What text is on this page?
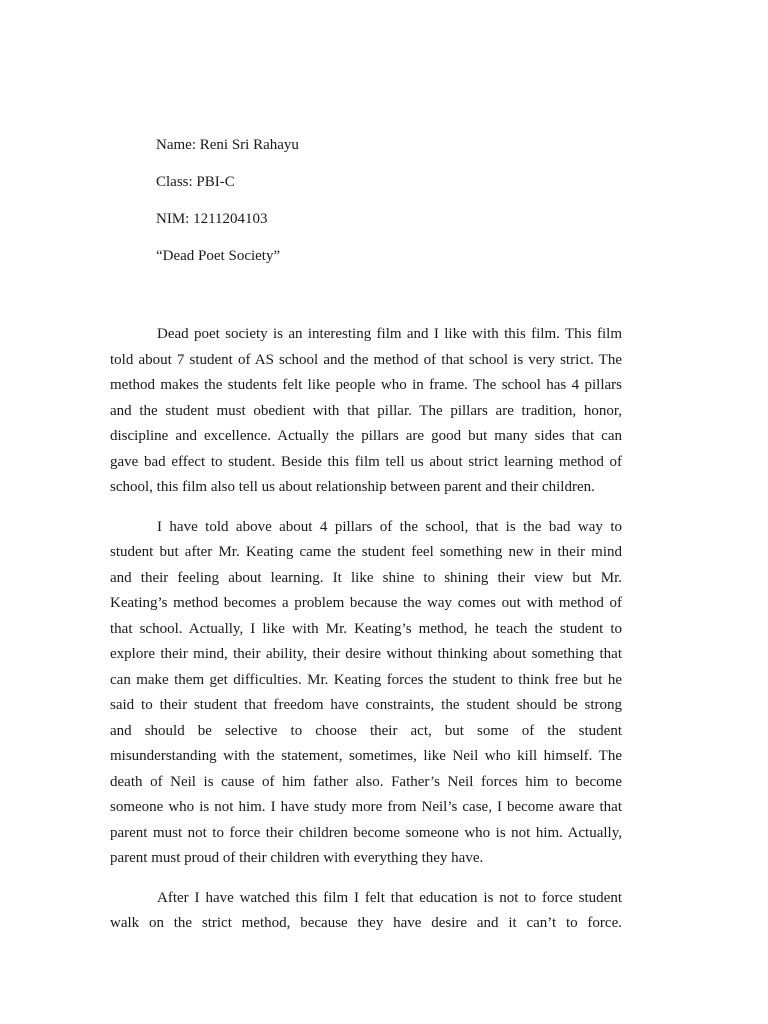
Name: Reni Sri Rahayu
Class: PBI-C
NIM: 1211204103
“Dead Poet Society”
Dead poet society is an interesting film and I like with this film. This film
told about 7 student of AS school and the method of that school is very strict. The
method makes the students felt like people who in frame. The school has 4 pillars
and the student must obedient with that pillar. The pillars are tradition, honor,
discipline and excellence. Actually the pillars are good but many sides that can
gave bad effect to student. Beside this film tell us about strict learning method of
school, this film also tell us about relationship between parent and their children.
I have told above about 4 pillars of the school, that is the bad way to
student but after Mr. Keating came the student feel something new in their mind
and their feeling about learning. It like shine to shining their view but Mr.
Keating’s method becomes a problem because the way comes out with method of
that school. Actually, I like with Mr. Keating’s method, he teach the student to
explore their mind, their ability, their desire without thinking about something that
can make them get difficulties. Mr. Keating forces the student to think free but he
said to their student that freedom have constraints, the student should be strong
and should be selective to choose their act, but some of the student
misunderstanding with the statement, sometimes, like Neil who kill himself. The
death of Neil is cause of him father also. Father’s Neil forces him to become
someone who is not him. I have study more from Neil’s case, I become aware that
parent must not to force their children become someone who is not him. Actually,
parent must proud of their children with everything they have.
After I have watched this film I felt that education is not to force student
walk on the strict method, because they have desire and it can’t to force.
